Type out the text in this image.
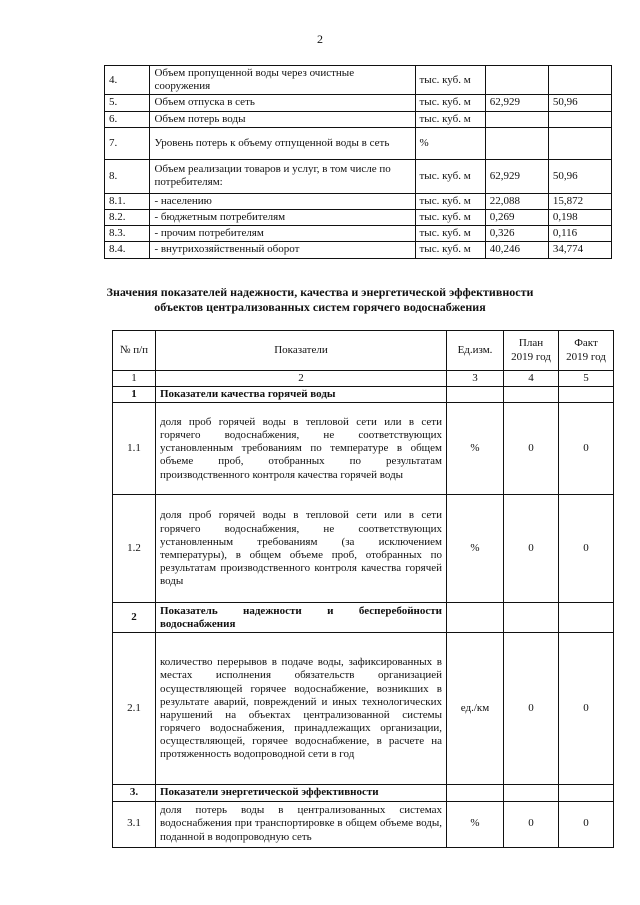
2
4.	Объем пропущенной воды через очистные сооружения	тыс. куб. м		
5.	Объем отпуска в сеть	тыс. куб. м	62,929	50,96
6.	Объем потерь воды	тыс. куб. м		
7.	Уровень потерь к объему отпущенной воды в сеть	%		
8.	Объем реализации товаров и услуг, в том числе по потребителям:	тыс. куб. м	62,929	50,96
8.1.	- населению	тыс. куб. м	22,088	15,872
8.2.	- бюджетным потребителям	тыс. куб. м	0,269	0,198
8.3.	- прочим потребителям	тыс. куб. м	0,326	0,116
8.4.	- внутрихозяйственный оборот	тыс. куб. м	40,246	34,774
Значения показателей надежности, качества и энергетической эффективности
объектов централизованных систем горячего водоснабжения
№ п/п	Показатели	Ед.изм.	План 2019 год	Факт 2019 год
1	2	3	4	5
1	Показатели качества горячей воды			
1.1	доля проб горячей воды в тепловой сети или в сети горячего водоснабжения, не соответствующих установленным требованиям по температуре в общем объеме проб, отобранных по результатам производственного контроля качества горячей воды	%	0	0
1.2	доля проб горячей воды в тепловой сети или в сети горячего водоснабжения, не соответствующих установленным требованиям (за исключением температуры), в общем объеме проб, отобранных по результатам производственного контроля качества горячей воды	%	0	0
2	Показатель надежности и бесперебойности водоснабжения			
2.1	количество перерывов в подаче воды, зафиксированных в местах исполнения обязательств организацией осуществляющей горячее водоснабжение, возникших в результате аварий, повреждений и иных технологических нарушений на объектах централизованной системы горячего водоснабжения, принадлежащих организации, осуществляющей, горячее водоснабжение, в расчете на протяженность водопроводной сети в год	ед./км	0	0
3.	Показатели энергетической эффективности			
3.1	доля потерь воды в централизованных системах водоснабжения при транспортировке в общем объеме воды, поданной в водопроводную сеть	%	0	0
